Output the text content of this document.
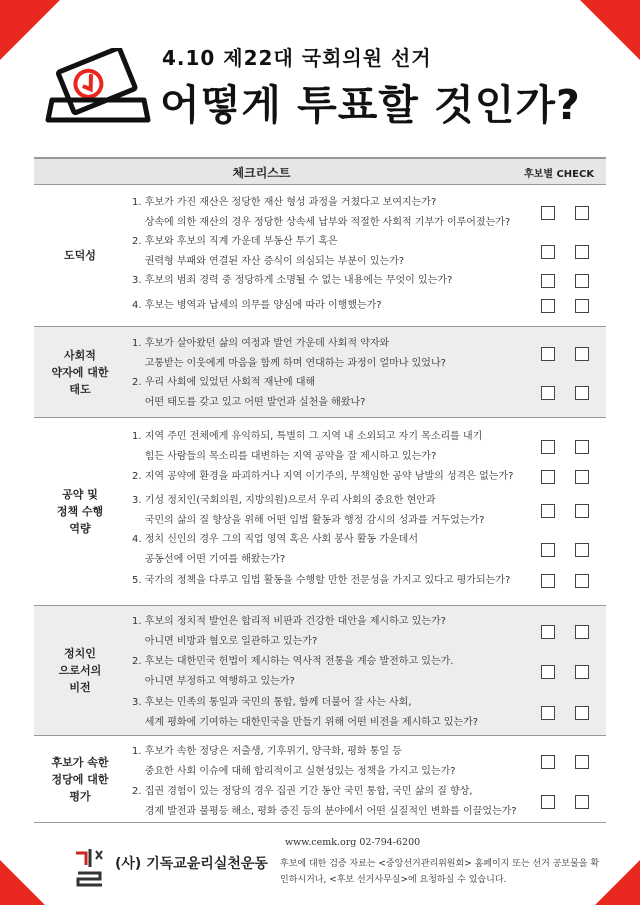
4.10 제22대 국회의원 선거
어떻게 투표할 것인가?
체크리스트	후보별 CHECK
도덕성
1. 후보가 가진 재산은 정당한 재산 형성 과정을 거쳤다고 보여지는가?
상속에 의한 재산의 경우 정당한 상속세 납부와 적절한 사회적 기부가 이루어졌는가?
2. 후보와 후보의 직계 가운데 부동산 투기 혹은
권력형 부패와 연결된 자산 증식이 의심되는 부분이 있는가?
3. 후보의 범죄 경력 중 정당하게 소명될 수 없는 내용에는 무엇이 있는가?
4. 후보는 병역과 납세의 의무를 양심에 따라 이행했는가?
사회적
약자에 대한
태도
1. 후보가 살아왔던 삶의 여정과 발언 가운데 사회적 약자와
고통받는 이웃에게 마음을 함께 하며 연대하는 과정이 얼마나 있었나?
2. 우리 사회에 있었던 사회적 재난에 대해
어떤 태도를 갖고 있고 어떤 발언과 실천을 해왔나?
공약 및
정책 수행
역량
1. 지역 주민 전체에게 유익하되, 특별히 그 지역 내 소외되고 자기 목소리를 내기
힘든 사람들의 목소리를 대변하는 지역 공약을 잘 제시하고 있는가?
2. 지역 공약에 환경을 파괴하거나 지역 이기주의, 무책임한 공약 남발의 성격은 없는가?
3. 기성 정치인(국회의원, 지방의원)으로서 우리 사회의 중요한 현안과
국민의 삶의 질 향상을 위해 어떤 입법 활동과 행정 감시의 성과를 거두었는가?
4. 정치 신인의 경우 그의 직업 영역 혹은 사회 봉사 활동 가운데서
공동선에 어떤 기여를 해왔는가?
5. 국가의 정책을 다루고 입법 활동을 수행할 만한 전문성을 가지고 있다고 평가되는가?
정치인
으로서의
비전
1. 후보의 정치적 발언은 합리적 비판과 건강한 대안을 제시하고 있는가?
아니면 비방과 혐오로 일관하고 있는가?
2. 후보는 대한민국 헌법이 제시하는 역사적 전통을 계승 발전하고 있는가.
아니면 부정하고 역행하고 있는가?
3. 후보는 민족의 통일과 국민의 통합, 함께 더불어 잘 사는 사회,
세계 평화에 기여하는 대한민국을 만들기 위해 어떤 비전을 제시하고 있는가?
후보가 속한
정당에 대한
평가
1. 후보가 속한 정당은 저출생, 기후위기, 양극화, 평화 통일 등
중요한 사회 이슈에 대해 합리적이고 실현성있는 정책을 가지고 있는가?
2. 집권 경험이 있는 정당의 경우 집권 기간 동안 국민 통합, 국민 삶의 질 향상,
경제 발전과 불평등 해소, 평화 증진 등의 분야에서 어떤 실질적인 변화를 이끌었는가?
(사) 기독교윤리실천운동
www.cemk.org 02-794-6200
후보에 대한 검증 자료는 <중앙선거관리위원회> 홈페이지 또는 선거 공보물을 확인하시거나, <후보 선거사무실>에 요청하실 수 있습니다.
